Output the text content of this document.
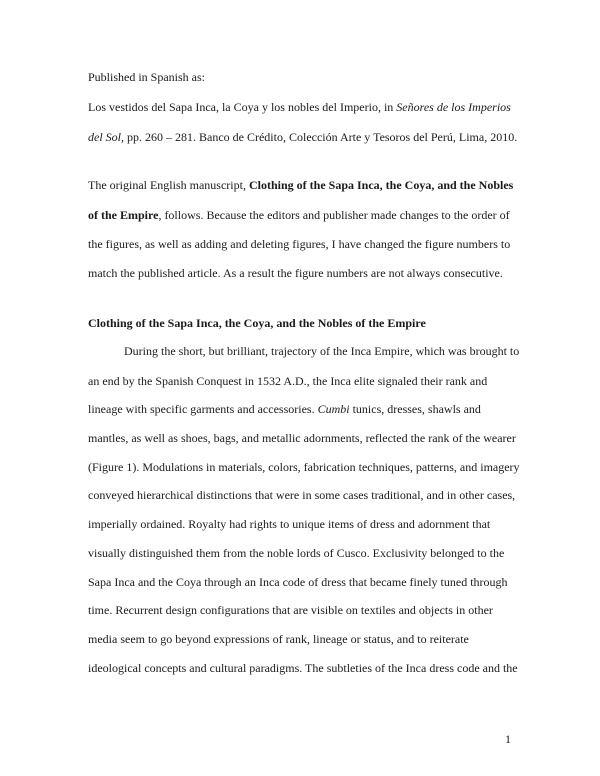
Published in Spanish as:
Los vestidos del Sapa Inca, la Coya y los nobles del Imperio, in Señores de los Imperios
del Sol, pp. 260 – 281. Banco de Crédito, Colección Arte y Tesoros del Perú, Lima, 2010.
The original English manuscript, Clothing of the Sapa Inca, the Coya, and the Nobles
of the Empire, follows. Because the editors and publisher made changes to the order of
the figures, as well as adding and deleting figures, I have changed the figure numbers to
match the published article. As a result the figure numbers are not always consecutive.
Clothing of the Sapa Inca, the Coya, and the Nobles of the Empire
During the short, but brilliant, trajectory of the Inca Empire, which was brought to
an end by the Spanish Conquest in 1532 A.D., the Inca elite signaled their rank and
lineage with specific garments and accessories. Cumbi tunics, dresses, shawls and
mantles, as well as shoes, bags, and metallic adornments, reflected the rank of the wearer
(Figure 1). Modulations in materials, colors, fabrication techniques, patterns, and imagery
conveyed hierarchical distinctions that were in some cases traditional, and in other cases,
imperially ordained. Royalty had rights to unique items of dress and adornment that
visually distinguished them from the noble lords of Cusco. Exclusivity belonged to the
Sapa Inca and the Coya through an Inca code of dress that became finely tuned through
time. Recurrent design configurations that are visible on textiles and objects in other
media seem to go beyond expressions of rank, lineage or status, and to reiterate
ideological concepts and cultural paradigms. The subtleties of the Inca dress code and the
1
